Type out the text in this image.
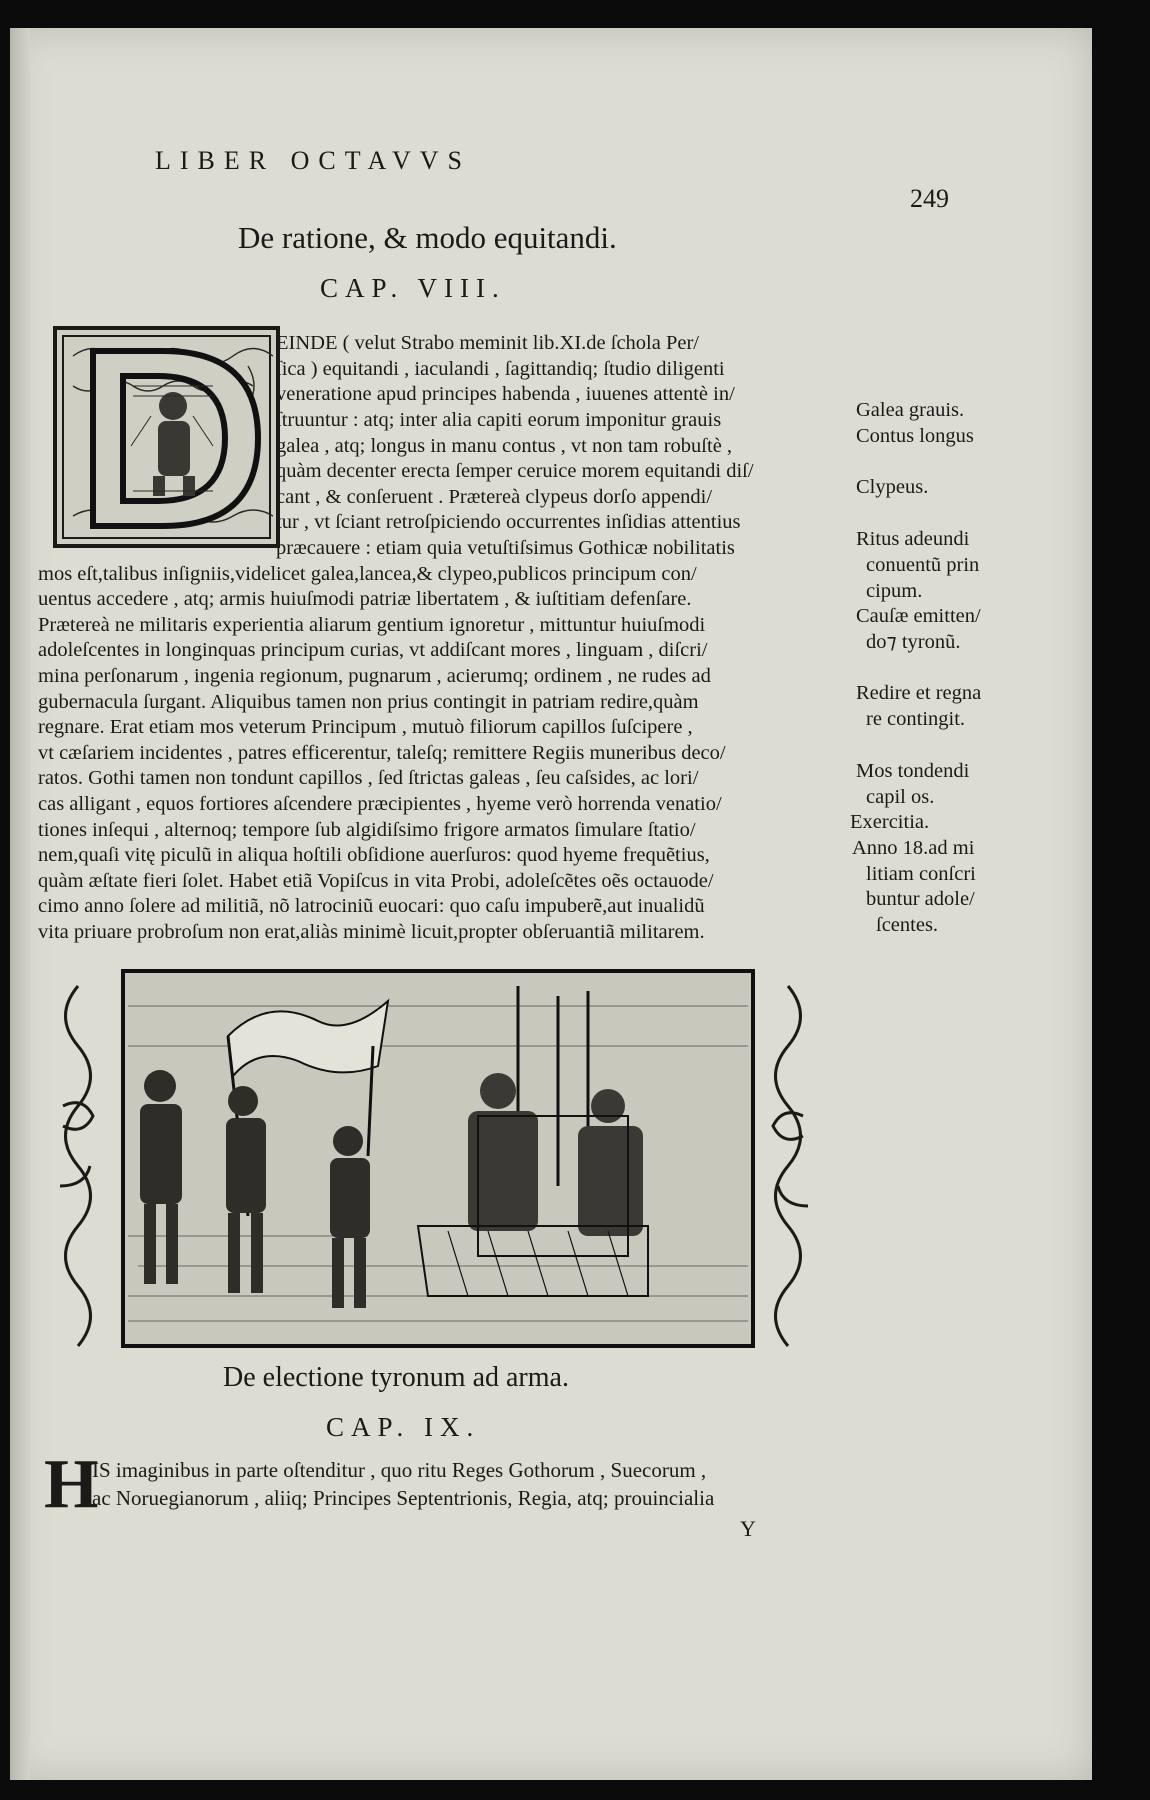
LIBER OCTAVVS
249
De ratione, & modo equitandi.
CAP. VIII.
EINDE ( velut Strabo meminit lib.XI.de ſchola Per/
ſica ) equitandi , iaculandi , ſagittandiq; ſtudio diligenti
veneratione apud principes habenda , iuuenes attentè in/
ſtruuntur : atq; inter alia capiti eorum imponitur grauis
galea , atq; longus in manu contus , vt non tam robuſtè ,
quàm decenter erecta ſemper ceruice morem equitandi diſ/
cant , & conſeruent . Prætereà clypeus dorſo appendi/
tur , vt ſciant retroſpiciendo occurrentes inſidias attentius
præcauere : etiam quia vetuſtiſsimus Gothicæ nobilitatis
mos eſt,talibus inſigniis,videlicet galea,lancea,& clypeo,publicos principum con/
uentus accedere , atq; armis huiuſmodi patriæ libertatem , & iuſtitiam defenſare.
Prætereà ne militaris experientia aliarum gentium ignoretur , mittuntur huiuſmodi
adoleſcentes in longinquas principum curias, vt addiſcant mores , linguam , diſcri/
mina perſonarum , ingenia regionum, pugnarum , acierumq; ordinem , ne rudes ad
gubernacula ſurgant. Aliquibus tamen non prius contingit in patriam redire,quàm
regnare. Erat etiam mos veterum Principum , mutuò filiorum capillos ſuſcipere ,
vt cæſariem incidentes , patres efficerentur, taleſq; remittere Regiis muneribus deco/
ratos. Gothi tamen non tondunt capillos , ſed ſtrictas galeas , ſeu caſsides, ac lori/
cas alligant , equos fortiores aſcendere præcipientes , hyeme verò horrenda venatio/
tiones inſequi , alternoq; tempore ſub algidiſsimo frigore armatos ſimulare ſtatio/
nem,quaſi vitę pіculũ in aliqua hoſtili obſidione auerſuros: quod hyeme frequẽtius,
quàm æſtate fieri ſolet. Habet etiã Vopiſcus in vita Probi, adoleſcẽtes oẽs octauode/
cimo anno ſolere ad militiã, nõ latrociniũ euocari: quo caſu impuberẽ,aut inualidũ
vita priuare probroſum non erat,aliàs minimè licuit,propter obſeruantiã militarem.
Galea grauis.
Contus longus
Clypeus.
Ritus adeundi
conuentũ prin
cipum.
Cauſæ emitten/
do⁊ tyronũ.
Redire et regna
re contingit.
Mos tondendi
capil os.
Exercitia.
Anno 18.ad mi
litiam conſcri
buntur adole/
ſcentes.
De electione tyronum ad arma.
CAP. IX.
H
IS imaginibus in parte oſtenditur , quo ritu Reges Gothorum , Suecorum ,
ac Noruegianorum , aliiq; Principes Septentrionis, Regia, atq; prouincialia
Y
